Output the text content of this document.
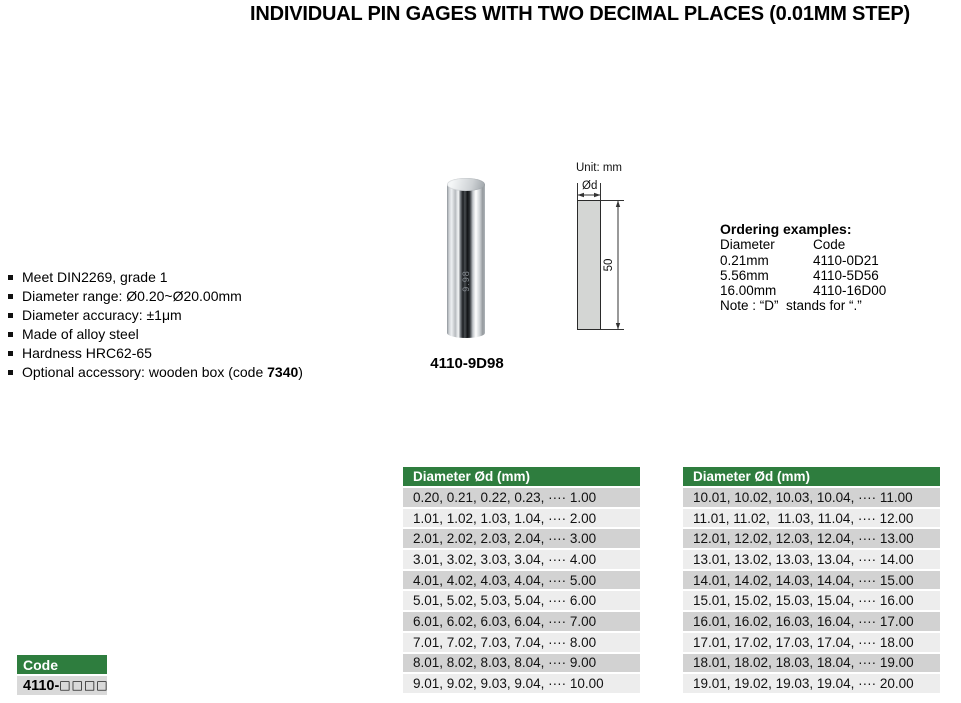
INDIVIDUAL PIN GAGES WITH TWO DECIMAL PLACES (0.01MM STEP)
Meet DIN2269, grade 1
Diameter range: Ø0.20~Ø20.00mm
Diameter accuracy: ±1μm
Made of alloy steel
Hardness HRC62-65
Optional accessory: wooden box (code 7340)
9.98
4110-9D98
Unit: mm
Ød
50
Ordering examples:
Diameter	Code
0.21mm	4110-0D21
5.56mm	4110-5D56
16.00mm	4110-16D00
Note : “D”  stands for “.”
Diameter Ød (mm)
0.20, 0.21, 0.22, 0.23, ···· 1.00
1.01, 1.02, 1.03, 1.04, ···· 2.00
2.01, 2.02, 2.03, 2.04, ···· 3.00
3.01, 3.02, 3.03, 3.04, ···· 4.00
4.01, 4.02, 4.03, 4.04, ···· 5.00
5.01, 5.02, 5.03, 5.04, ···· 6.00
6.01, 6.02, 6.03, 6.04, ···· 7.00
7.01, 7.02, 7.03, 7.04, ···· 8.00
8.01, 8.02, 8.03, 8.04, ···· 9.00
9.01, 9.02, 9.03, 9.04, ···· 10.00
Diameter Ød (mm)
10.01, 10.02, 10.03, 10.04, ···· 11.00
11.01, 11.02,  11.03, 11.04, ···· 12.00
12.01, 12.02, 12.03, 12.04, ···· 13.00
13.01, 13.02, 13.03, 13.04, ···· 14.00
14.01, 14.02, 14.03, 14.04, ···· 15.00
15.01, 15.02, 15.03, 15.04, ···· 16.00
16.01, 16.02, 16.03, 16.04, ···· 17.00
17.01, 17.02, 17.03, 17.04, ···· 18.00
18.01, 18.02, 18.03, 18.04, ···· 19.00
19.01, 19.02, 19.03, 19.04, ···· 20.00
Code
4110- □□□□
